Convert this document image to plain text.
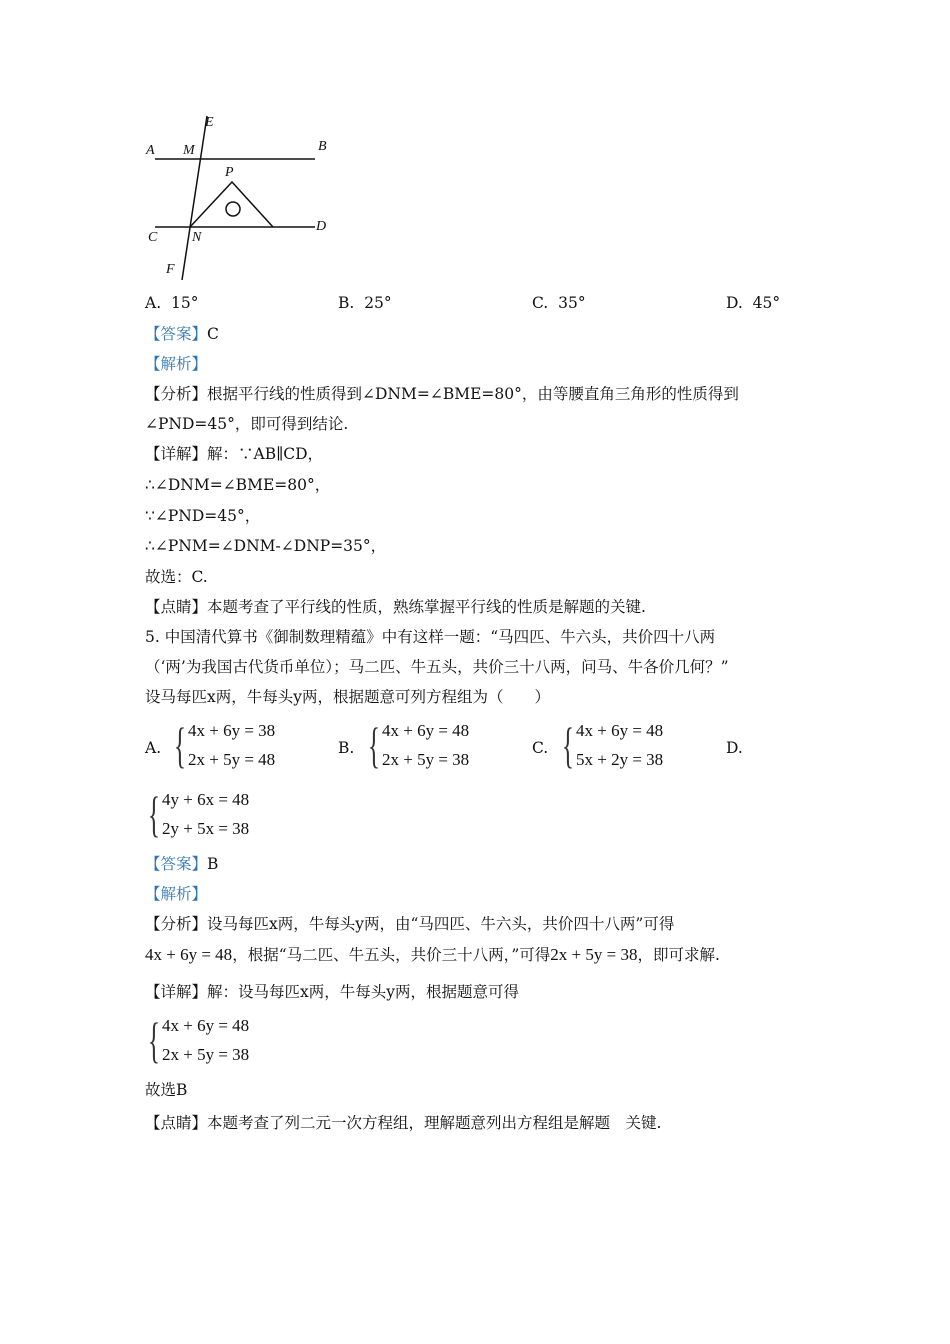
E
A M	B
P
D
C N
F
A. 15°	B. 25°	C. 35°	D. 45°
【答案】C
【解析】
【分析】根据平行线的性质得到∠DNM=∠BME=80°，由等腰直角三角形的性质得到
∠PND=45°，即可得到结论.
【详解】解：∵AB∥CD，
∴∠DNM=∠BME=80°，
∵∠PND=45°，
∴∠PNM=∠DNM-∠DNP=35°，
故选：C.
【点睛】本题考查了平行线的性质，熟练掌握平行线的性质是解题的关键.
5. 中国清代算书《御制数理精蕴》中有这样一题：“马四匹、牛六头，共价四十八两
（‘两’为我国古代货币单位）；马二匹、牛五头，共价三十八两，问马、牛各价几何？”
设马每匹x两，牛每头y两，根据题意可列方程组为（　　）
A. { 4x + 6y = 38
2x + 5y = 48
B. { 4x + 6y = 48
2x + 5y = 38
C. { 4x + 6y = 48
5x + 2y = 38
D.
{ 4y + 6x = 48
2y + 5x = 38
【答案】B
【解析】
【分析】设马每匹x两，牛每头y两，由“马四匹、牛六头，共价四十八两”可得
4x + 6y = 48，根据“马二匹、牛五头，共价三十八两，”可得2x + 5y = 38，即可求解.
【详解】解：设马每匹x两，牛每头y两，根据题意可得
{ 4x + 6y = 48
2x + 5y = 38
故选B
【点睛】本题考查了列二元一次方程组，理解题意列出方程组是解题　关键.
